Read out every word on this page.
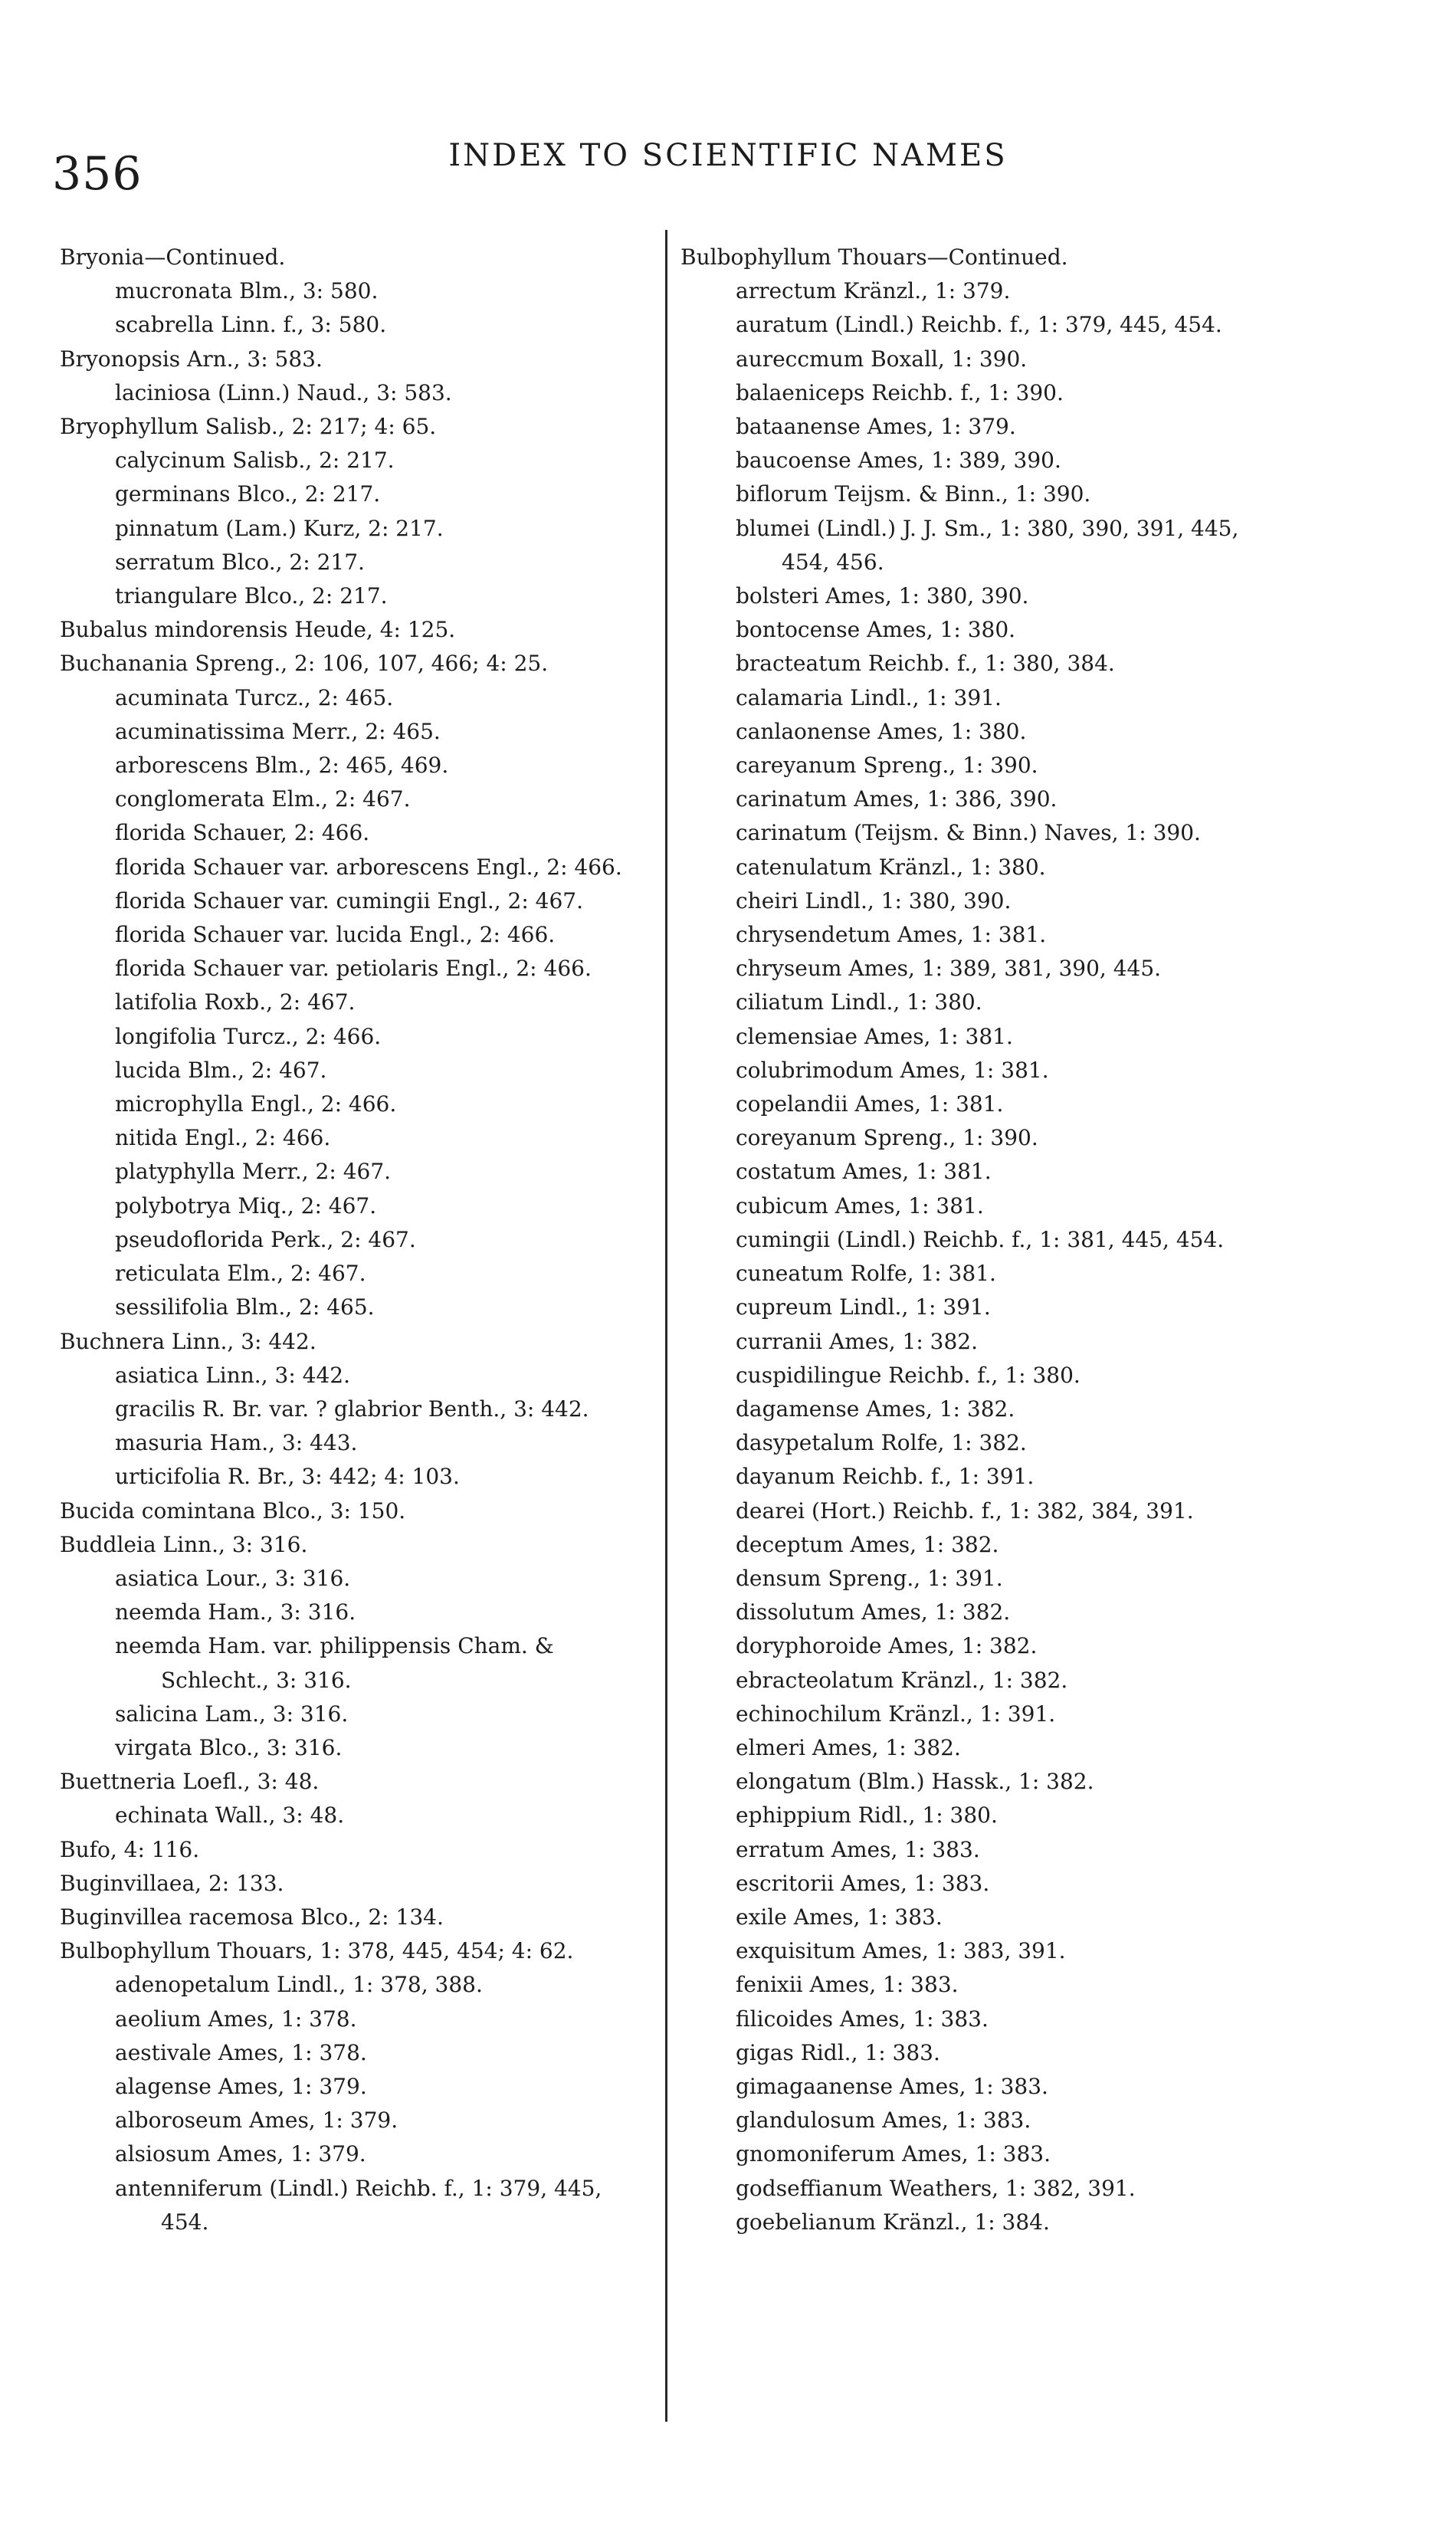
356	INDEX TO SCIENTIFIC NAMES
Bryonia—Continued.
mucronata Blm., 3: 580.
scabrella Linn. f., 3: 580.
Bryonopsis Arn., 3: 583.
laciniosa (Linn.) Naud., 3: 583.
Bryophyllum Salisb., 2: 217; 4: 65.
calycinum Salisb., 2: 217.
germinans Blco., 2: 217.
pinnatum (Lam.) Kurz, 2: 217.
serratum Blco., 2: 217.
triangulare Blco., 2: 217.
Bubalus mindorensis Heude, 4: 125.
Buchanania Spreng., 2: 106, 107, 466; 4: 25.
acuminata Turcz., 2: 465.
acuminatissima Merr., 2: 465.
arborescens Blm., 2: 465, 469.
conglomerata Elm., 2: 467.
florida Schauer, 2: 466.
florida Schauer var. arborescens Engl., 2: 466.
florida Schauer var. cumingii Engl., 2: 467.
florida Schauer var. lucida Engl., 2: 466.
florida Schauer var. petiolaris Engl., 2: 466.
latifolia Roxb., 2: 467.
longifolia Turcz., 2: 466.
lucida Blm., 2: 467.
microphylla Engl., 2: 466.
nitida Engl., 2: 466.
platyphylla Merr., 2: 467.
polybotrya Miq., 2: 467.
pseudoflorida Perk., 2: 467.
reticulata Elm., 2: 467.
sessilifolia Blm., 2: 465.
Buchnera Linn., 3: 442.
asiatica Linn., 3: 442.
gracilis R. Br. var. ? glabrior Benth., 3: 442.
masuria Ham., 3: 443.
urticifolia R. Br., 3: 442; 4: 103.
Bucida comintana Blco., 3: 150.
Buddleia Linn., 3: 316.
asiatica Lour., 3: 316.
neemda Ham., 3: 316.
neemda Ham. var. philippensis Cham. & Schlecht., 3: 316.
salicina Lam., 3: 316.
virgata Blco., 3: 316.
Buettneria Loefl., 3: 48.
echinata Wall., 3: 48.
Bufo, 4: 116.
Buginvillaea, 2: 133.
Buginvillea racemosa Blco., 2: 134.
Bulbophyllum Thouars, 1: 378, 445, 454; 4: 62.
adenopetalum Lindl., 1: 378, 388.
aeolium Ames, 1: 378.
aestivale Ames, 1: 378.
alagense Ames, 1: 379.
alboroseum Ames, 1: 379.
alsiosum Ames, 1: 379.
antenniferum (Lindl.) Reichb. f., 1: 379, 445, 454.
Bulbophyllum Thouars—Continued.
arrectum Kränzl., 1: 379.
auratum (Lindl.) Reichb. f., 1: 379, 445, 454.
aureccmum Boxall, 1: 390.
balaeniceps Reichb. f., 1: 390.
bataanense Ames, 1: 379.
baucoense Ames, 1: 389, 390.
biflorum Teijsm. & Binn., 1: 390.
blumei (Lindl.) J. J. Sm., 1: 380, 390, 391, 445, 454, 456.
bolsteri Ames, 1: 380, 390.
bontocense Ames, 1: 380.
bracteatum Reichb. f., 1: 380, 384.
calamaria Lindl., 1: 391.
canlaonense Ames, 1: 380.
careyanum Spreng., 1: 390.
carinatum Ames, 1: 386, 390.
carinatum (Teijsm. & Binn.) Naves, 1: 390.
catenulatum Kränzl., 1: 380.
cheiri Lindl., 1: 380, 390.
chrysendetum Ames, 1: 381.
chryseum Ames, 1: 389, 381, 390, 445.
ciliatum Lindl., 1: 380.
clemensiae Ames, 1: 381.
colubrimodum Ames, 1: 381.
copelandii Ames, 1: 381.
coreyanum Spreng., 1: 390.
costatum Ames, 1: 381.
cubicum Ames, 1: 381.
cumingii (Lindl.) Reichb. f., 1: 381, 445, 454.
cuneatum Rolfe, 1: 381.
cupreum Lindl., 1: 391.
curranii Ames, 1: 382.
cuspidilingue Reichb. f., 1: 380.
dagamense Ames, 1: 382.
dasypetalum Rolfe, 1: 382.
dayanum Reichb. f., 1: 391.
dearei (Hort.) Reichb. f., 1: 382, 384, 391.
deceptum Ames, 1: 382.
densum Spreng., 1: 391.
dissolutum Ames, 1: 382.
doryphoroide Ames, 1: 382.
ebracteolatum Kränzl., 1: 382.
echinochilum Kränzl., 1: 391.
elmeri Ames, 1: 382.
elongatum (Blm.) Hassk., 1: 382.
ephippium Ridl., 1: 380.
erratum Ames, 1: 383.
escritorii Ames, 1: 383.
exile Ames, 1: 383.
exquisitum Ames, 1: 383, 391.
fenixii Ames, 1: 383.
filicoides Ames, 1: 383.
gigas Ridl., 1: 383.
gimagaanense Ames, 1: 383.
glandulosum Ames, 1: 383.
gnomoniferum Ames, 1: 383.
godseffianum Weathers, 1: 382, 391.
goebelianum Kränzl., 1: 384.
